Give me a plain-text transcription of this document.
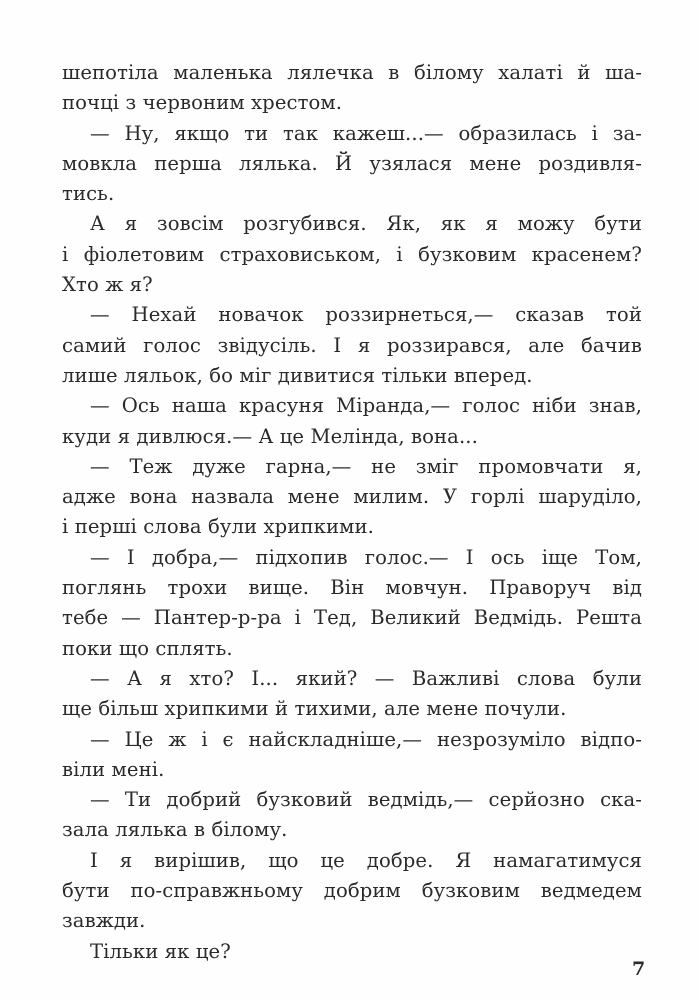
шепотіла маленька лялечка в білому халаті й ша-
почці з червоним хрестом.
— Ну, якщо ти так кажеш...— образилась і за-
мовкла перша лялька. Й узялася мене роздивля-
тись.
А я зовсім розгубився. Як, як я можу бути
і фіолетовим страховиськом, і бузковим красенем?
Хто ж я?
— Нехай новачок роззирнеться,— сказав той
самий голос звідусіль. І я роззирався, але бачив
лише ляльок, бо міг дивитися тільки вперед.
— Ось наша красуня Міранда,— голос ніби знав,
куди я дивлюся.— А це Мелінда, вона...
— Теж дуже гарна,— не зміг промовчати я,
адже вона назвала мене милим. У горлі шаруділо,
і перші слова були хрипкими.
— І добра,— підхопив голос.— І ось іще Том,
поглянь трохи вище. Він мовчун. Праворуч від
тебе — Пантер-р-ра і Тед, Великий Ведмідь. Решта
поки що сплять.
— А я хто? І... який? — Важливі слова були
ще більш хрипкими й тихими, але мене почули.
— Це ж і є найскладніше,— незрозуміло відпо-
віли мені.
— Ти добрий бузковий ведмідь,— серйозно ска-
зала лялька в білому.
І я вирішив, що це добре. Я намагатимуся
бути по-справжньому добрим бузковим ведмедем
завжди.
Тільки як це?
7
